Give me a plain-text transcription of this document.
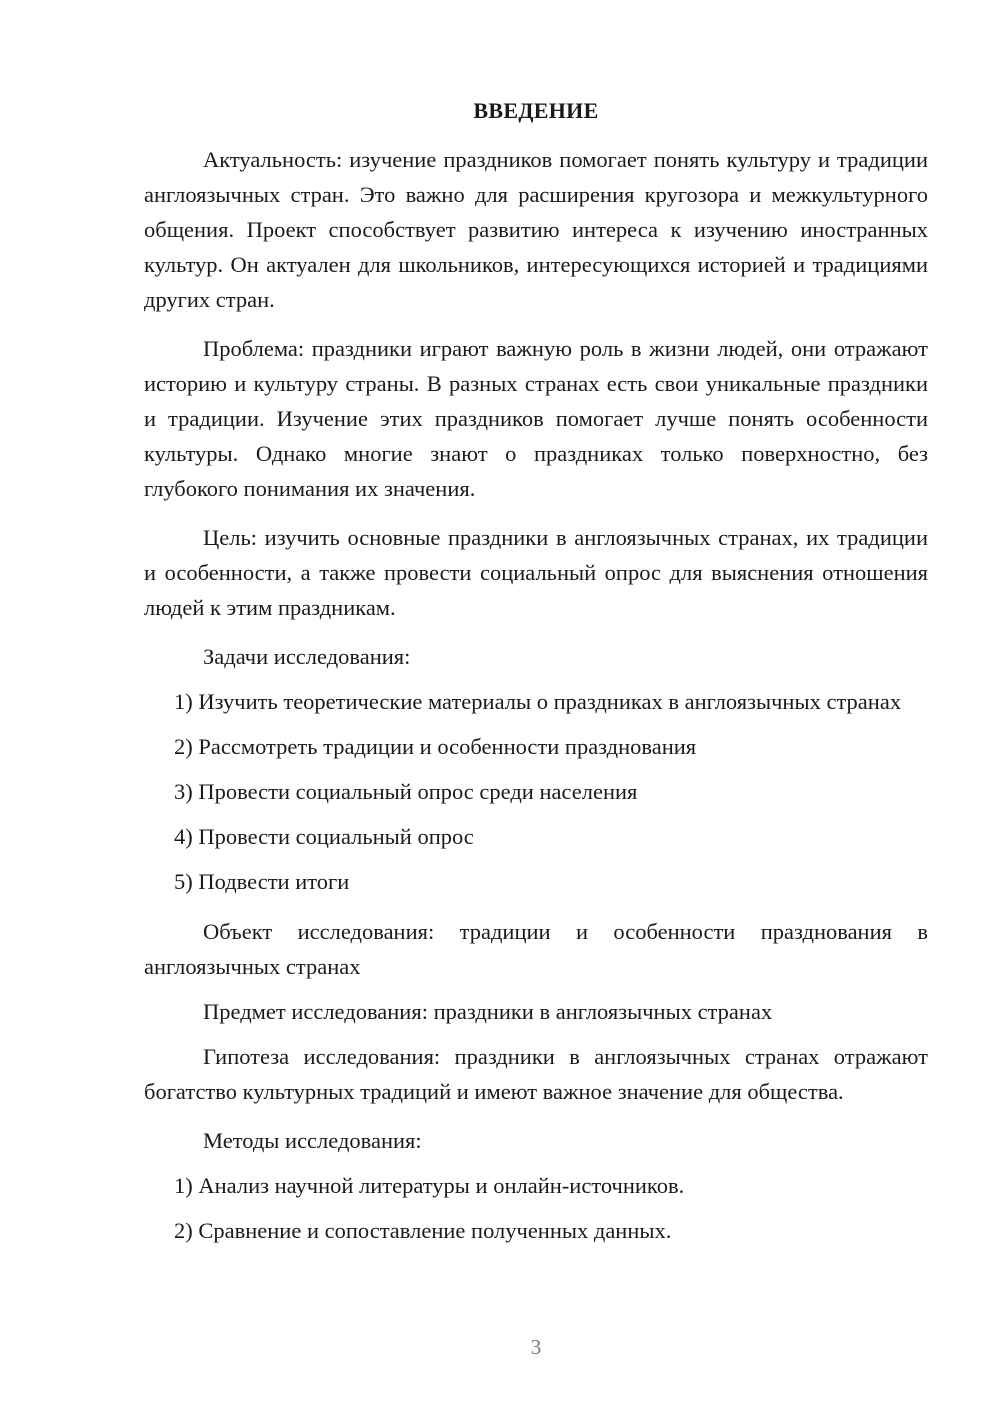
ВВЕДЕНИЕ

Актуальность: изучение праздников помогает понять культуру и традиции англоязычных стран. Это важно для расширения кругозора и межкультурного общения. Проект способствует развитию интереса к изучению иностранных культур. Он актуален для школьников, интересующихся историей и традициями других стран.

Проблема: праздники играют важную роль в жизни людей, они отражают историю и культуру страны. В разных странах есть свои уникальные праздники и традиции. Изучение этих праздников помогает лучше понять особенности культуры. Однако многие знают о праздниках только поверхностно, без глубокого понимания их значения.

Цель: изучить основные праздники в англоязычных странах, их традиции и особенности, а также провести социальный опрос для выяснения отношения людей к этим праздникам.

Задачи исследования:

1) Изучить теоретические материалы о праздниках в англоязычных странах

2) Рассмотреть традиции и особенности празднования

3) Провести социальный опрос среди населения

4) Провести социальный опрос

5) Подвести итоги

Объект исследования: традиции и особенности празднования в англоязычных странах

Предмет исследования: праздники в англоязычных странах

Гипотеза исследования: праздники в англоязычных странах отражают богатство культурных традиций и имеют важное значение для общества.

Методы исследования:

1) Анализ научной литературы и онлайн-источников.

2) Сравнение и сопоставление полученных данных.

3
